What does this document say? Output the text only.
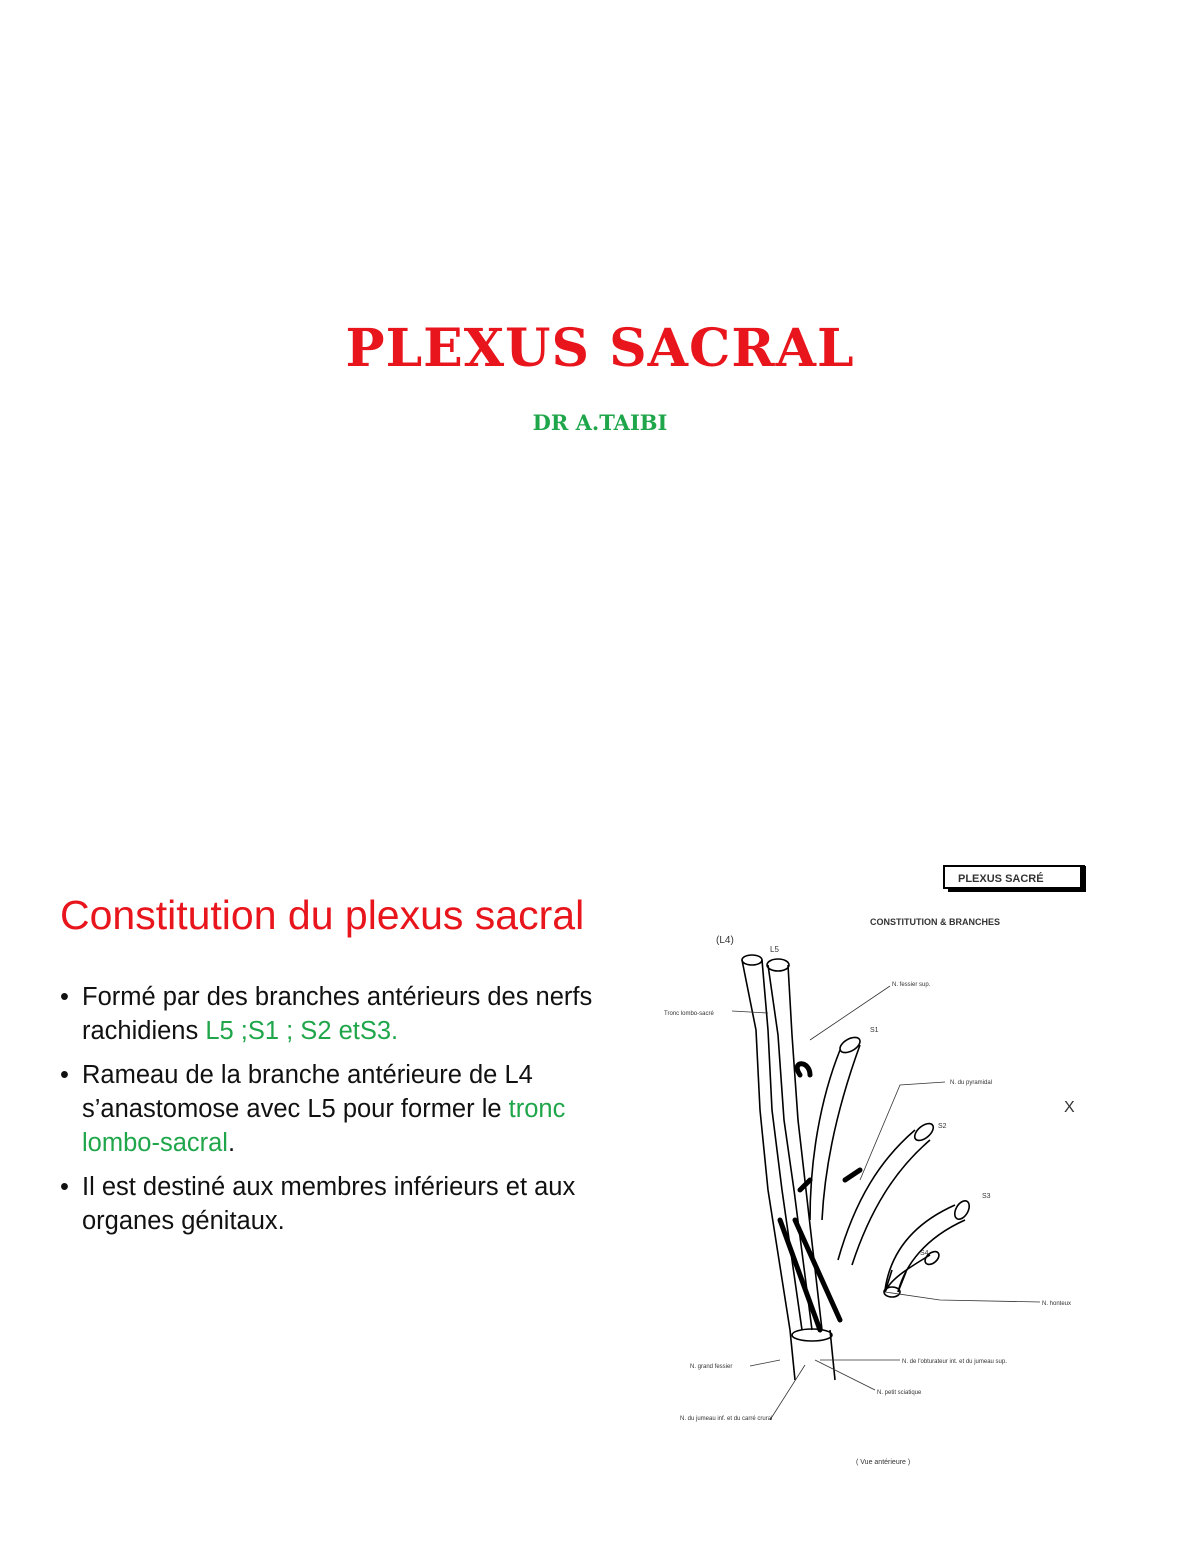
PLEXUS SACRAL
DR A.TAIBI
Constitution du plexus sacral
• Formé par des branches antérieurs des nerfs rachidiens L5 ;S1 ; S2 etS3.
• Rameau de la branche antérieure de L4 s’anastomose avec L5 pour former le tronc lombo-sacral.
• Il est destiné aux membres inférieurs et aux organes génitaux.
PLEXUS SACRÉ
CONSTITUTION & BRANCHES
(L4)
L5
S1
S2
S3
S4
Tronc lombo-sacré
N. grand fessier
N. du jumeau inf. et du carré crural
N. fessier sup.
N. du pyramidal
N. honteux
N. de l'obturateur int. et du jumeau sup.
N. petit sciatique
( Vue antérieure )
X
